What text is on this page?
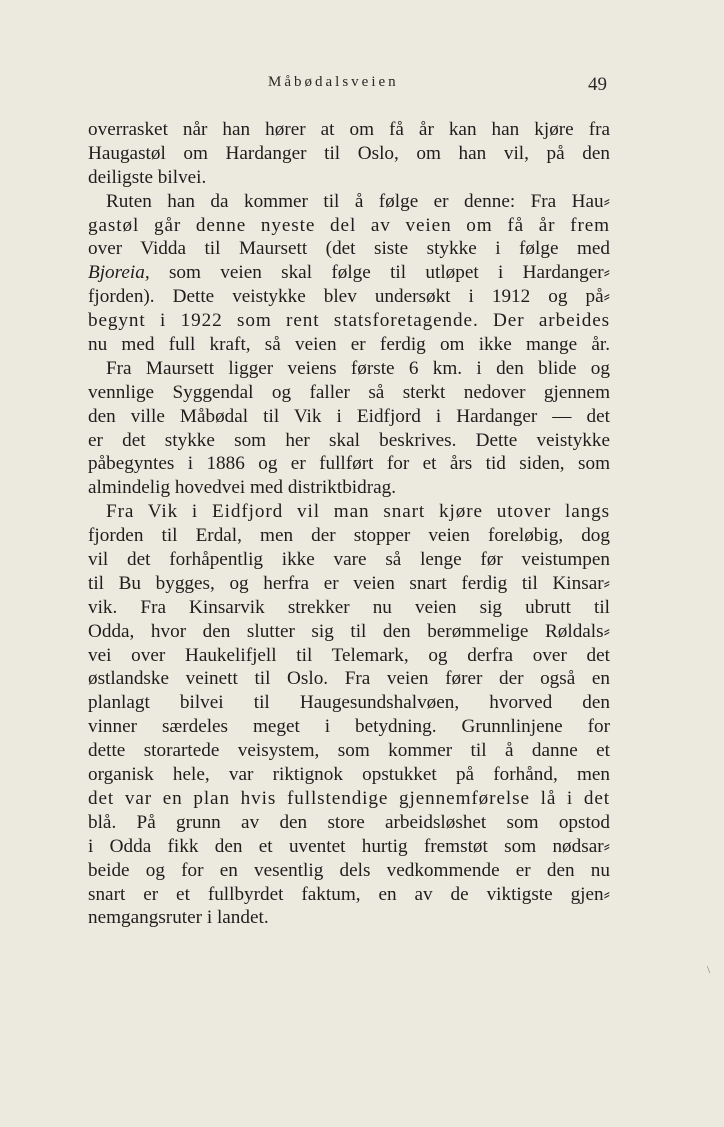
Måbødalsveien	49
overrasket når han hører at om få år kan han kjøre fra
Haugastøl om Hardanger til Oslo, om han vil, på den
deiligste bilvei.
Ruten han da kommer til å følge er denne: Fra Hau⸗
gastøl går denne nyeste del av veien om få år frem
over Vidda til Maursett (det siste stykke i følge med
Bjoreia, som veien skal følge til utløpet i Hardanger⸗
fjorden). Dette veistykke blev undersøkt i 1912 og på⸗
begynt i 1922 som rent statsforetagende. Der arbeides
nu med full kraft, så veien er ferdig om ikke mange år.
Fra Maursett ligger veiens første 6 km. i den blide og
vennlige Syggendal og faller så sterkt nedover gjennem
den ville Måbødal til Vik i Eidfjord i Hardanger — det
er det stykke som her skal beskrives. Dette veistykke
påbegyntes i 1886 og er fullført for et års tid siden, som
almindelig hovedvei med distriktbidrag.
Fra Vik i Eidfjord vil man snart kjøre utover langs
fjorden til Erdal, men der stopper veien foreløbig, dog
vil det forhåpentlig ikke vare så lenge før veistumpen
til Bu bygges, og herfra er veien snart ferdig til Kinsar⸗
vik. Fra Kinsarvik strekker nu veien sig ubrutt til
Odda, hvor den slutter sig til den berømmelige Røldals⸗
vei over Haukelifjell til Telemark, og derfra over det
østlandske veinett til Oslo. Fra veien fører der også en
planlagt bilvei til Haugesundshalvøen, hvorved den
vinner særdeles meget i betydning. Grunnlinjene for
dette storartede veisystem, som kommer til å danne et
organisk hele, var riktignok opstukket på forhånd, men
det var en plan hvis fullstendige gjennemførelse lå i det
blå. På grunn av den store arbeidsløshet som opstod
i Odda fikk den et uventet hurtig fremstøt som nødsar⸗
beide og for en vesentlig dels vedkommende er den nu
snart er et fullbyrdet faktum, en av de viktigste gjen⸗
nemgangsruter i landet.
\
